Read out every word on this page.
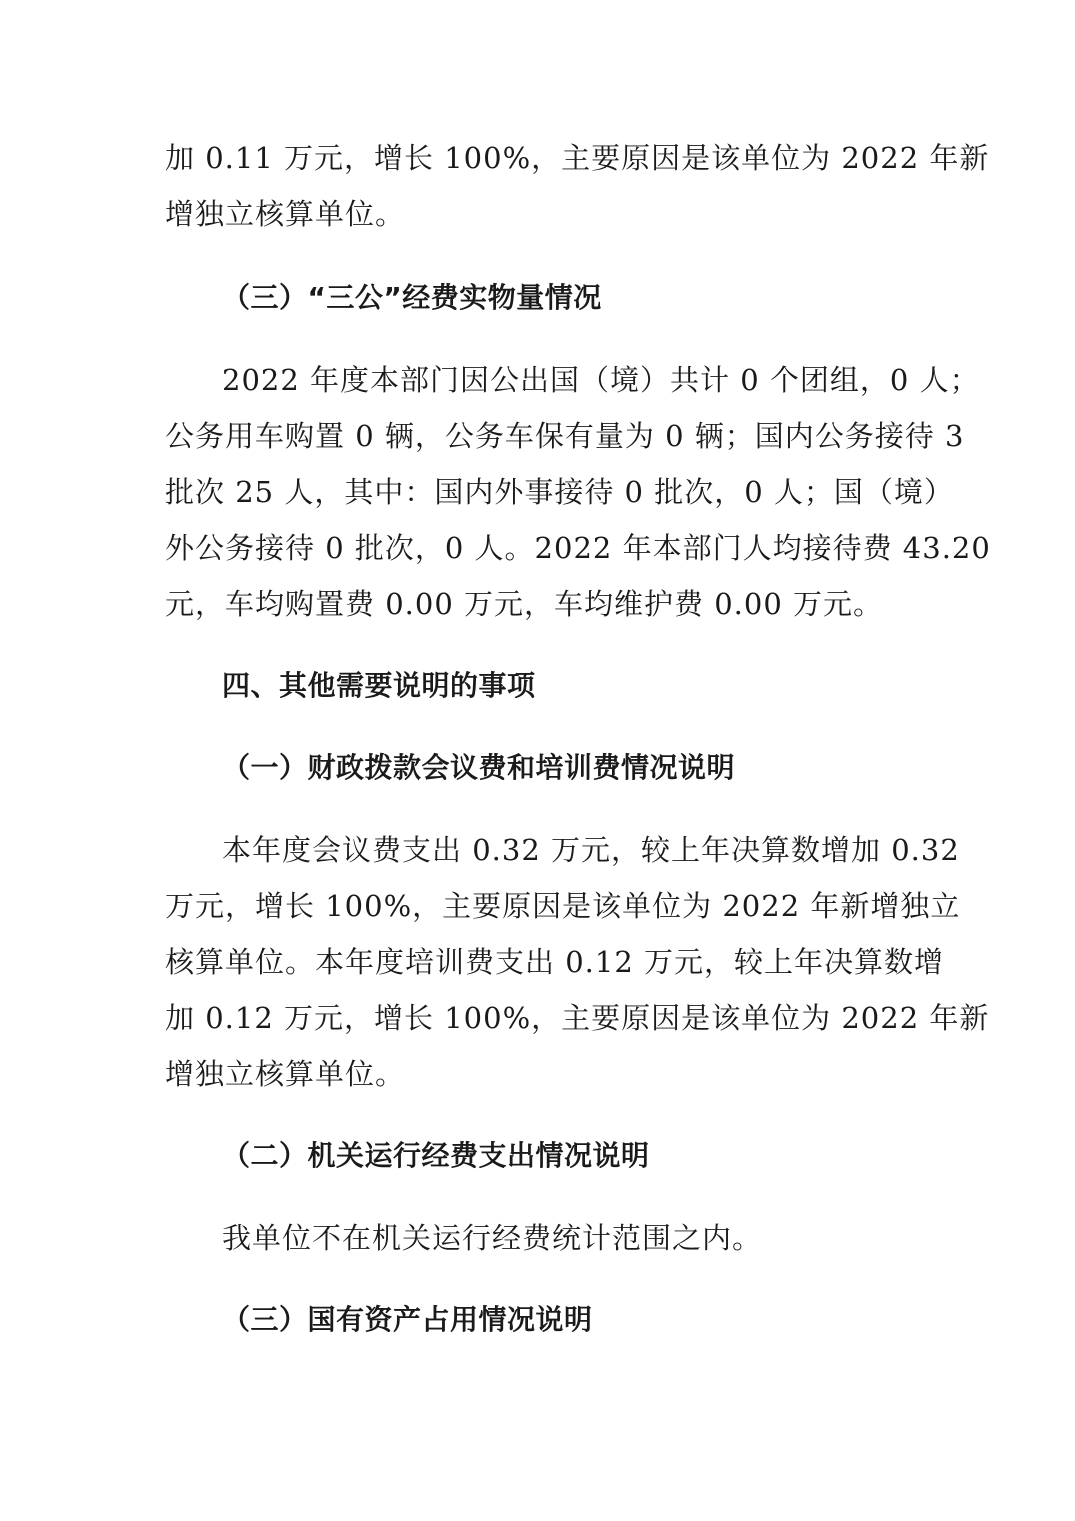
加 0.11 万元，增长 100%，主要原因是该单位为 2022 年新
增独立核算单位。
（三）“三公”经费实物量情况
2022 年度本部门因公出国（境）共计 0 个团组，0 人；
公务用车购置 0 辆，公务车保有量为 0 辆；国内公务接待 3
批次 25 人，其中：国内外事接待 0 批次，0 人；国（境）
外公务接待 0 批次，0 人。2022 年本部门人均接待费 43.20
元，车均购置费 0.00 万元，车均维护费 0.00 万元。
四、其他需要说明的事项
（一）财政拨款会议费和培训费情况说明
本年度会议费支出 0.32 万元，较上年决算数增加 0.32
万元，增长 100%，主要原因是该单位为 2022 年新增独立
核算单位。本年度培训费支出 0.12 万元，较上年决算数增
加 0.12 万元，增长 100%，主要原因是该单位为 2022 年新
增独立核算单位。
（二）机关运行经费支出情况说明
我单位不在机关运行经费统计范围之内。
（三）国有资产占用情况说明
